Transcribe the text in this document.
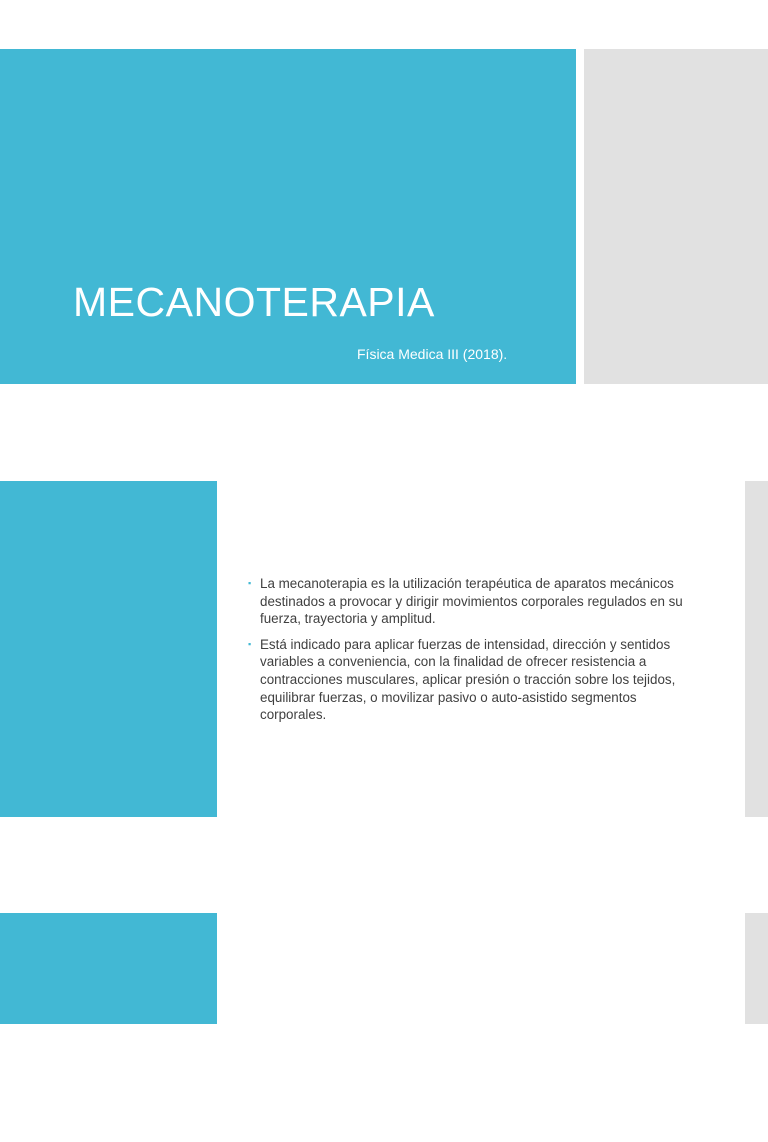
MECANOTERAPIA

Física Medica III (2018).

Introducción:
▪ La mecanoterapia es la utilización terapéutica de aparatos mecánicos destinados a provocar y dirigir movimientos corporales regulados en su fuerza, trayectoria y amplitud.
▪ Está indicado para aplicar fuerzas de intensidad, dirección y sentidos variables a conveniencia, con la finalidad de ofrecer resistencia a contracciones musculares, aplicar presión o tracción sobre los tejidos, equilibrar fuerzas, o movilizar pasivo o auto-asistido segmentos corporales.
